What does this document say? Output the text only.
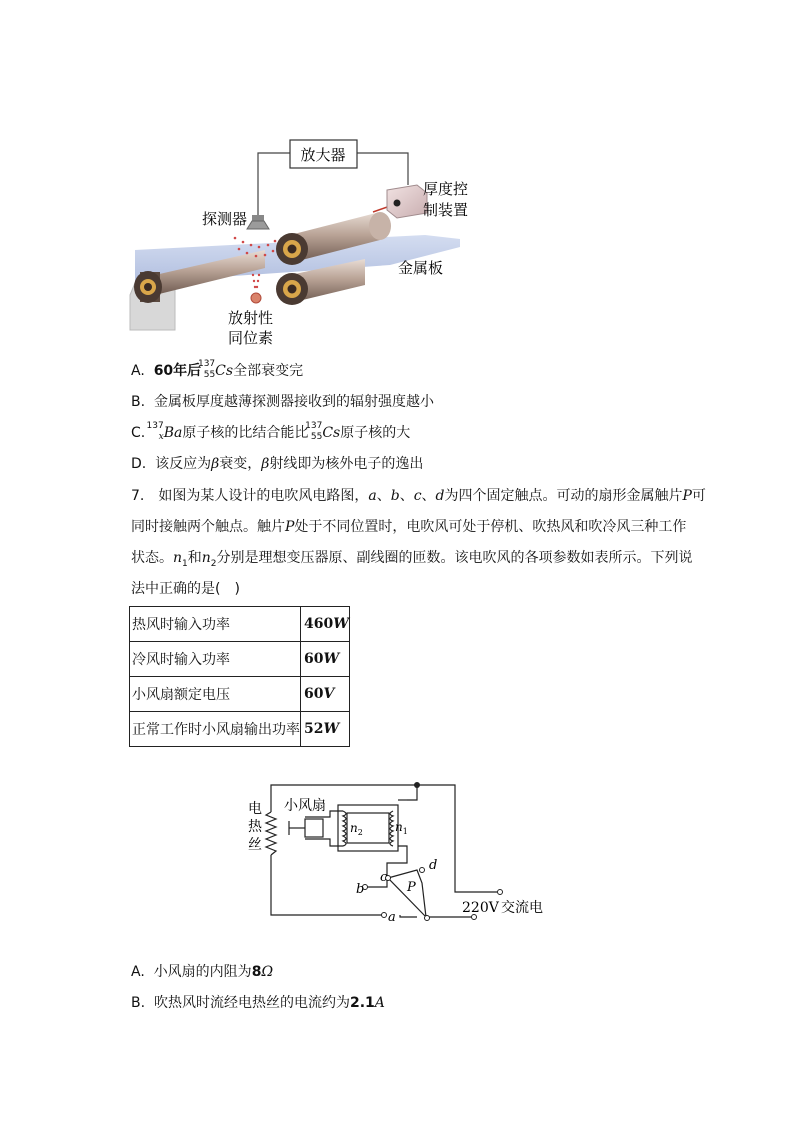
放大器
探测器
厚度控
制装置
金属板
放射性
同位素
A. 60年后
137
55 Cs全部衰变完
B. 金属板厚度越薄探测器接收到的辐射强度越小
C. 137
x Ba原子核的比结合能比
137
55 Cs原子核的大
D. 该反应为β衰变，β射线即为核外电子的逸出
7.　如图为某人设计的电吹风电路图，a、b、c、d为四个固定触点。可动的扇形金属触片P可
同时接触两个触点。触片P处于不同位置时，电吹风可处于停机、吹热风和吹冷风三种工作
状态。$n_1$和$n_2$分别是理想变压器原、副线圈的匝数。该电吹风的各项参数如表所示。下列说
法中正确的是(　)
热风时输入功率	460W
冷风时输入功率	60W
小风扇额定电压	60V
正常工作时小风扇输出功率	52W
电
热
丝
小风扇
$n_2$	$n_1$
b
a
c
d
P
220V 交流电
A. 小风扇的内阻为8Ω
B. 吹热风时流经电热丝的电流约为2.1A
